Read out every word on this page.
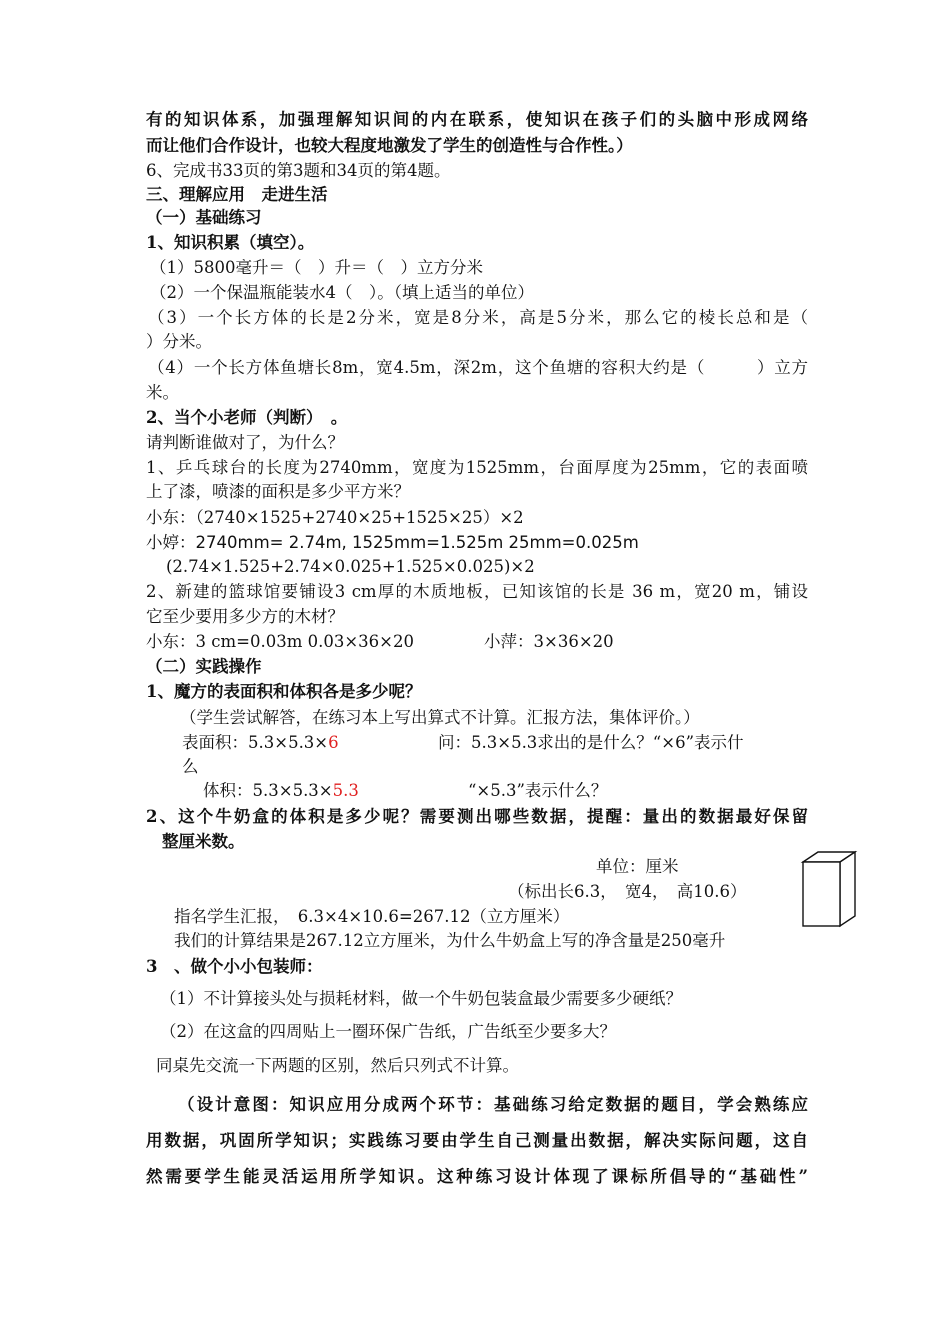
有的知识体系，加强理解知识间的内在联系，使知识在孩子们的头脑中形成网络
而让他们合作设计，也较大程度地激发了学生的创造性与合作性。）
6、完成书33页的第3题和34页的第4题。
三、理解应用　走进生活
（一）基础练习
1、知识积累（填空）。
（1）5800毫升＝（　）升＝（　）立方分米
（2）一个保温瓶能装水4（　）。（填上适当的单位）
（3）一个长方体的长是2分米，宽是8分米，高是5分米，那么它的棱长总和是（
）分米。
（4）一个长方体鱼塘长8m，宽4.5m，深2m，这个鱼塘的容积大约是（　　　）立方
米。
2、当个小老师（判断）　。
请判断谁做对了，为什么？
1、乒乓球台的长度为2740mm，宽度为1525mm，台面厚度为25mm，它的表面喷
上了漆，喷漆的面积是多少平方米？
小东：（2740×1525+2740×25+1525×25）×2
小婷：2740mm= 2.74m, 1525mm=1.525m 25mm=0.025m
(2.74×1.525+2.74×0.025+1.525×0.025)×2
2、新建的篮球馆要铺设3 cm厚的木质地板，已知该馆的长是 36 m，宽20 m，铺设
它至少要用多少方的木材？
小东：3 cm=0.03m 0.03×36×20	小萍：3×36×20
（二）实践操作
1、魔方的表面积和体积各是多少呢？
（学生尝试解答，在练习本上写出算式不计算。汇报方法，集体评价。）
表面积：5.3×5.3×6	问：5.3×5.3求出的是什么？“×6”表示什
么
体积：5.3×5.3×5.3	“×5.3”表示什么？
2、这个牛奶盒的体积是多少呢？需要测出哪些数据，提醒：量出的数据最好保留
整厘米数。
单位：厘米
（标出长6.3，　宽4，　高10.6）
指名学生汇报，　6.3×4×10.6=267.12（立方厘米）
我们的计算结果是267.12立方厘米，为什么牛奶盒上写的净含量是250毫升
3　、做个小小包装师：
（1）不计算接头处与损耗材料，做一个牛奶包装盒最少需要多少硬纸？
（2）在这盒的四周贴上一圈环保广告纸，广告纸至少要多大？
同桌先交流一下两题的区别，然后只列式不计算。
（设计意图：知识应用分成两个环节：基础练习给定数据的题目，学会熟练应
用数据，巩固所学知识；实践练习要由学生自己测量出数据，解决实际问题，这自
然需要学生能灵活运用所学知识。这种练习设计体现了课标所倡导的“基础性”
